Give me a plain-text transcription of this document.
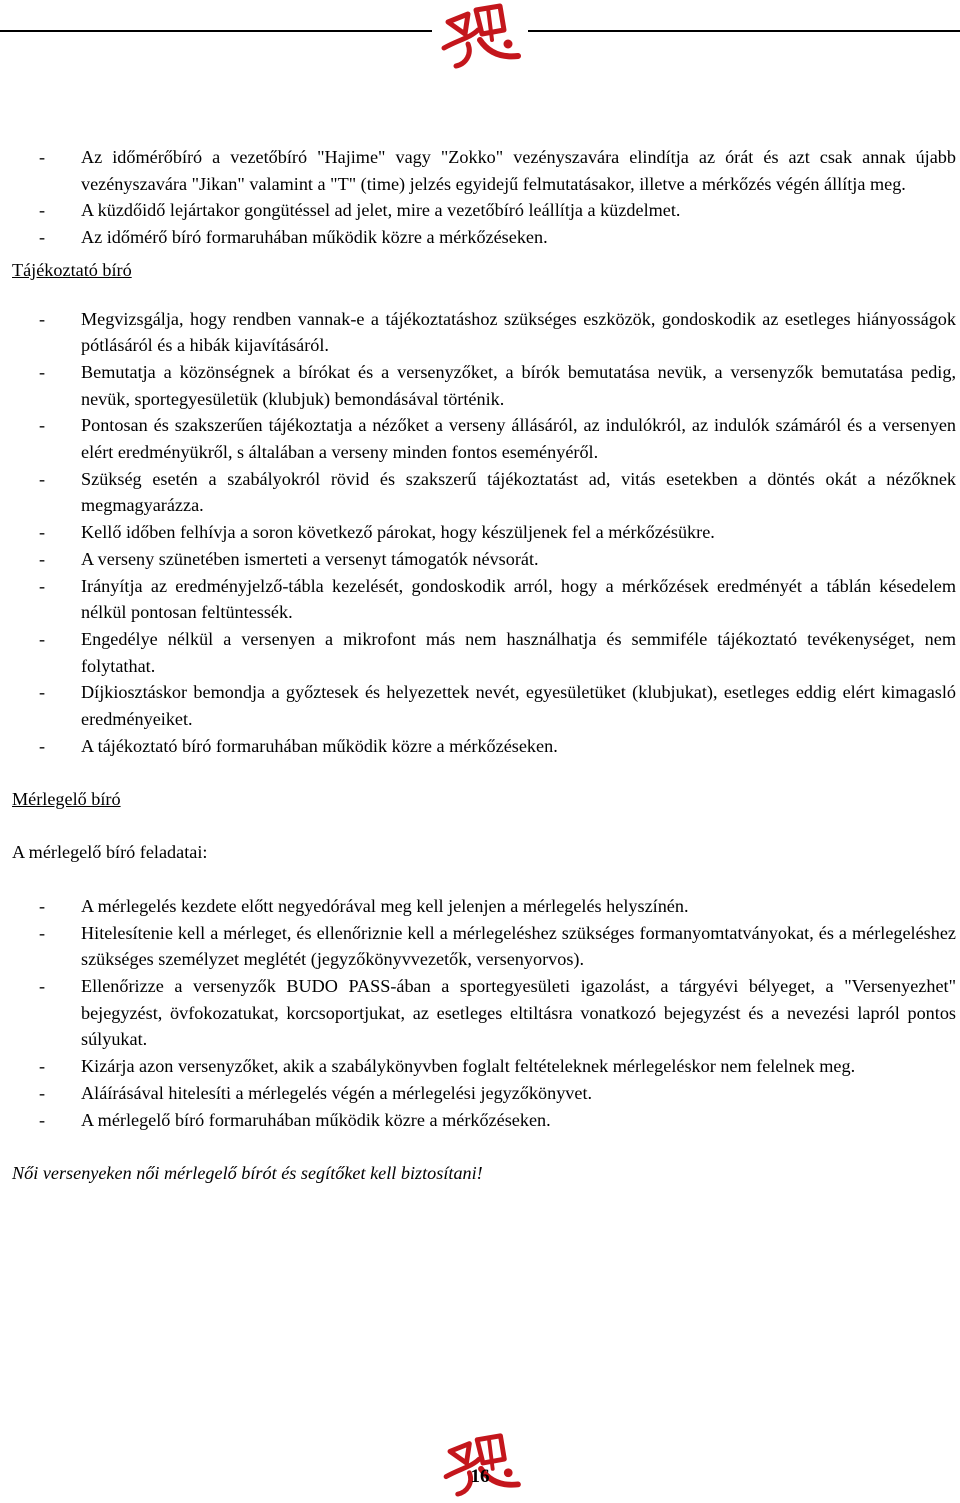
- Az időmérőbíró a vezetőbíró "Hajime" vagy "Zokko" vezényszavára elindítja az órát és azt csak annak újabb vezényszavára "Jikan" valamint a "T" (time) jelzés egyidejű felmutatásakor, illetve a mérkőzés végén állítja meg.
- A küzdőidő lejártakor gongütéssel ad jelet, mire a vezetőbíró leállítja a küzdelmet.
- Az időmérő bíró formaruhában működik közre a mérkőzéseken.

Tájékoztató bíró

- Megvizsgálja, hogy rendben vannak-e a tájékoztatáshoz szükséges eszközök, gondoskodik az esetleges hiányosságok pótlásáról és a hibák kijavításáról.
- Bemutatja a közönségnek a bírókat és a versenyzőket, a bírók bemutatása nevük, a versenyzők bemutatása pedig, nevük, sportegyesületük (klubjuk) bemondásával történik.
- Pontosan és szakszerűen tájékoztatja a nézőket a verseny állásáról, az indulókról, az indulók számáról és a versenyen elért eredményükről, s általában a verseny minden fontos eseményéről.
- Szükség esetén a szabályokról rövid és szakszerű tájékoztatást ad, vitás esetekben a döntés okát a nézőknek megmagyarázza.
- Kellő időben felhívja a soron következő párokat, hogy készüljenek fel a mérkőzésükre.
- A verseny szünetében ismerteti a versenyt támogatók névsorát.
- Irányítja az eredményjelző-tábla kezelését, gondoskodik arról, hogy a mérkőzések eredményét a táblán késedelem nélkül pontosan feltüntessék.
- Engedélye nélkül a versenyen a mikrofont más nem használhatja és semmiféle tájékoztató tevékenységet, nem folytathat.
- Díjkiosztáskor bemondja a győztesek és helyezettek nevét, egyesületüket (klubjukat), esetleges eddig elért kimagasló eredményeiket.
- A tájékoztató bíró formaruhában működik közre a mérkőzéseken.

Mérlegelő bíró

A mérlegelő bíró feladatai:

- A mérlegelés kezdete előtt negyedórával meg kell jelenjen a mérlegelés helyszínén.
- Hitelesítenie kell a mérleget, és ellenőriznie kell a mérlegeléshez szükséges formanyomtatványokat, és a mérlegeléshez szükséges személyzet meglétét (jegyzőkönyvvezetők, versenyorvos).
- Ellenőrizze a versenyzők BUDO PASS-ában a sportegyesületi igazolást, a tárgyévi bélyeget, a "Versenyezhet" bejegyzést, övfokozatukat, korcsoportjukat, az esetleges eltiltásra vonatkozó bejegyzést és a nevezési lapról pontos súlyukat.
- Kizárja azon versenyzőket, akik a szabálykönyvben foglalt feltételeknek mérlegeléskor nem felelnek meg.
- Aláírásával hitelesíti a mérlegelés végén a mérlegelési jegyzőkönyvet.
- A mérlegelő bíró formaruhában működik közre a mérkőzéseken.

Női versenyeken női mérlegelő bírót és segítőket kell biztosítani!

16
